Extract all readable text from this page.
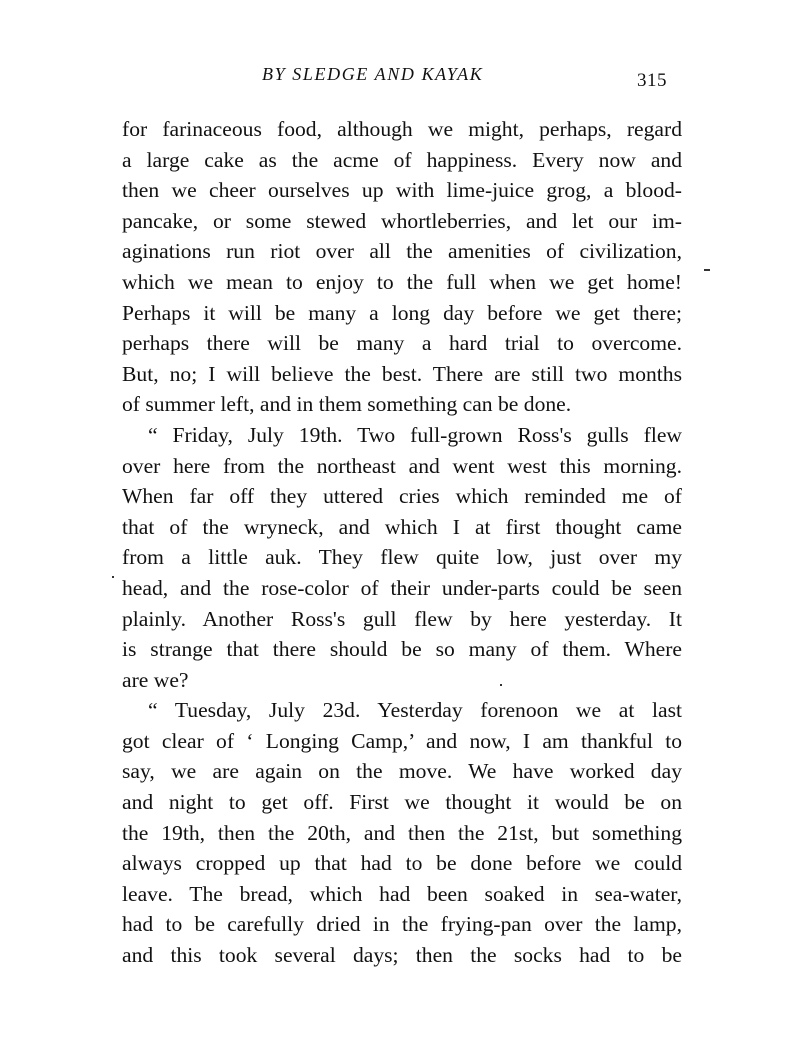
BY SLEDGE AND KAYAK	315
for farinaceous food, although we might, perhaps, regard
a large cake as the acme of happiness. Every now and
then we cheer ourselves up with lime-juice grog, a blood-
pancake, or some stewed whortleberries, and let our im-
aginations run riot over all the amenities of civilization,
which we mean to enjoy to the full when we get home!
Perhaps it will be many a long day before we get there;
perhaps there will be many a hard trial to overcome.
But, no; I will believe the best. There are still two months
of summer left, and in them something can be done.
“ Friday, July 19th. Two full-grown Ross's gulls flew
over here from the northeast and went west this morning.
When far off they uttered cries which reminded me of
that of the wryneck, and which I at first thought came
from a little auk. They flew quite low, just over my
head, and the rose-color of their under-parts could be seen
plainly. Another Ross's gull flew by here yesterday. It
is strange that there should be so many of them. Where
are we?
“ Tuesday, July 23d. Yesterday forenoon we at last
got clear of ‘ Longing Camp,’ and now, I am thankful to
say, we are again on the move. We have worked day
and night to get off. First we thought it would be on
the 19th, then the 20th, and then the 21st, but something
always cropped up that had to be done before we could
leave. The bread, which had been soaked in sea-water,
had to be carefully dried in the frying-pan over the lamp,
and this took several days; then the socks had to be
